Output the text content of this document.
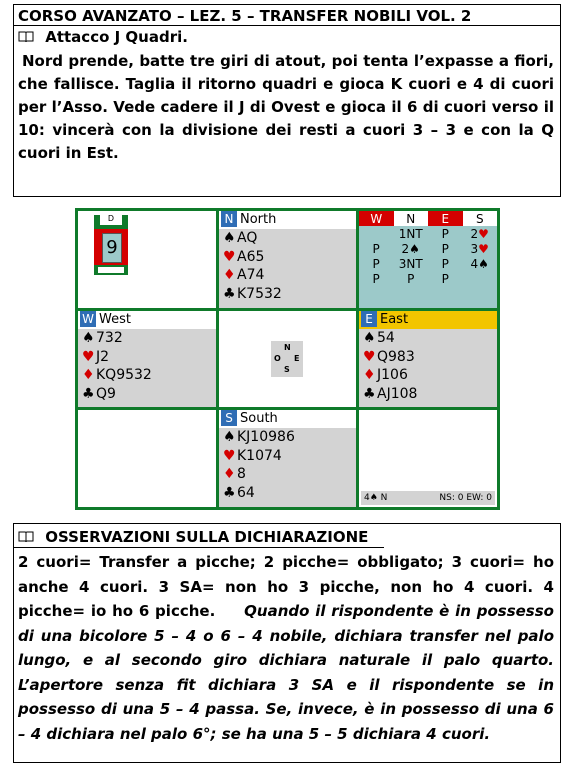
CORSO AVANZATO – LEZ. 5 – TRANSFER NOBILI VOL. 2
Attacco J Quadri.
Nord prende, batte tre giri di atout, poi tenta l’expasse a fiori, che fallisce. Taglia il ritorno quadri e gioca K cuori e 4 di cuori per l’Asso. Vede cadere il J di Ovest e gioca il 6 di cuori verso il 10: vincerà con la divisione dei resti a cuori 3 – 3 e con la Q cuori in Est.
D
9
N North
♠AQ
♥A65
♦A74
♣K7532
W	N	E	S
	1NT	P	2♥
P	2♠	P	3♥
P	3NT	P	4♠
P	P	P	
W West
♠732
♥J2
♦KQ9532
♣Q9
N
O E
S
E East
♠54
♥Q983
♦J106
♣AJ108
S South
♠KJ10986
♥K1074
♦8
♣64	4♠ N	NS: 0 EW: 0
OSSERVAZIONI SULLA DICHIARAZIONE
2 cuori= Transfer a picche; 2 picche= obbligato; 3 cuori= ho anche 4 cuori. 3 SA= non ho 3 picche, non ho 4 cuori. 4 picche= io ho 6 picche. Quando il rispondente è in possesso di una bicolore 5 – 4 o 6 – 4 nobile, dichiara transfer nel palo lungo, e al secondo giro dichiara naturale il palo quarto. L’apertore senza fit dichiara 3 SA e il rispondente se in possesso di una 5 – 4 passa. Se, invece, è in possesso di una 6 – 4 dichiara nel palo 6°; se ha una 5 – 5 dichiara 4 cuori.
